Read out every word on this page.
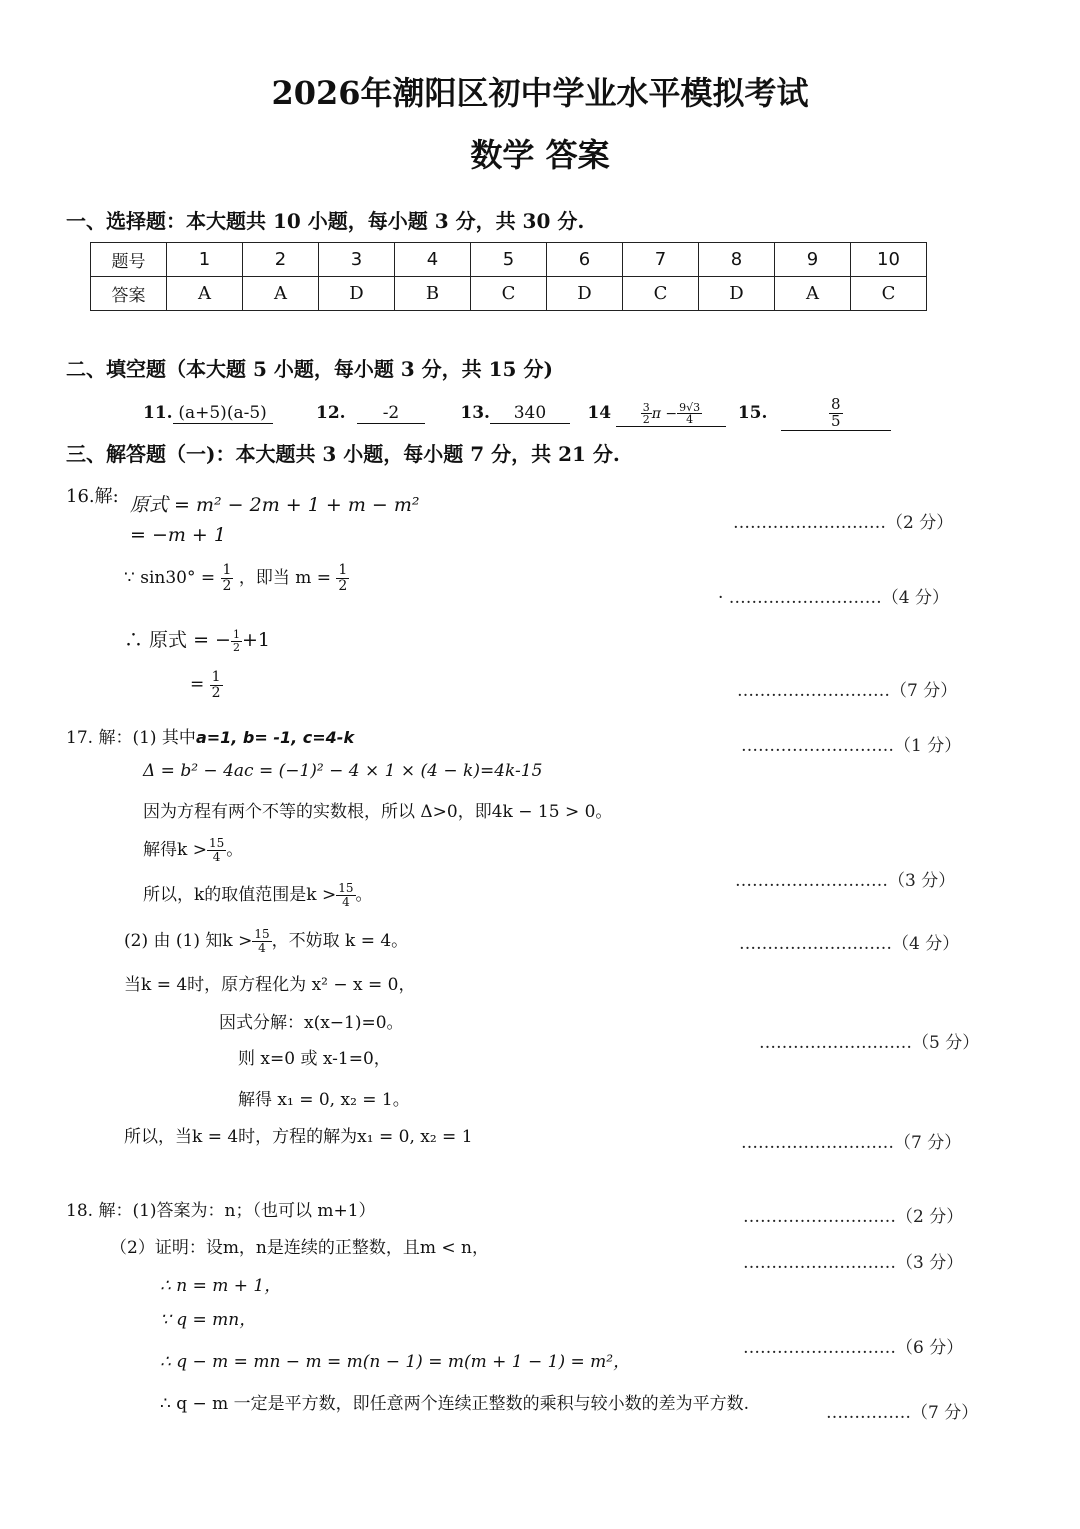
2026年潮阳区初中学业水平模拟考试
数学 答案
一、选择题：本大题共 10 小题，每小题 3 分，共 30 分.
题号	1	2	3	4	5	6	7	8	9	10
答案	A	A	D	B	C	D	C	D	A	C
二、填空题（本大题 5 小题，每小题 3 分，共 15 分)
11. (a+5)(a-5)	12. -2	13. 340 14	$\frac{3}{2}$ $\pi - \frac{9√3}{4} 15$.	$\frac{8}{5}$
三、解答题（一)：本大题共 3 小题，每小题 7 分，共 21 分.
16.解: 原式 = m² − 2m + 1 + m − m²
………………………（2 分）
= −m + 1
∵ $\sin 30^\circ = \frac{1}{2}$ ，即当 $m = \frac{1}{2}$
· ………………………（4 分）
∴ 原式 = − $\frac{1}{2} +1$
= $\frac{1}{2}$	………………………（7 分）
17. 解：(1) 其中a=1, b= -1, c=4-k	………………………（1 分）
Δ = b² − 4ac = (−1)² − 4 × 1 × (4 − k)=4k-15
因为方程有两个不等的实数根，所以 Δ>0，即4k − 15 > 0。
解得$k > \frac{15}{4}$ 。
所以，k的取值范围是$k > \frac{15}{4}$ 。
………………………（3 分）
(2) 由 (1) 知$k > \frac{15}{4}$ ，不妨取 k = 4。	………………………（4 分）
当k = 4时，原方程化为 x² − x = 0，
因式分解：x(x−1)=0。
………………………（5 分）
则 x=0 或 x-1=0，
解得 x₁ = 0, x₂ = 1。
所以，当k = 4时，方程的解为x₁ = 0, x₂ = 1	………………………（7 分）
18. 解：(1)答案为：n；（也可以 m+1）	………………………（2 分）
（2）证明：设m，n是连续的正整数，且m < n，
………………………（3 分）
∴ n = m + 1，
∵ q = mn，
………………………（6 分）
∴ q − m = mn − m = m(n − 1) = m(m + 1 − 1) = m²，
∴ q − m 一定是平方数，即任意两个连续正整数的乘积与较小数的差为平方数.	……………（7 分）
